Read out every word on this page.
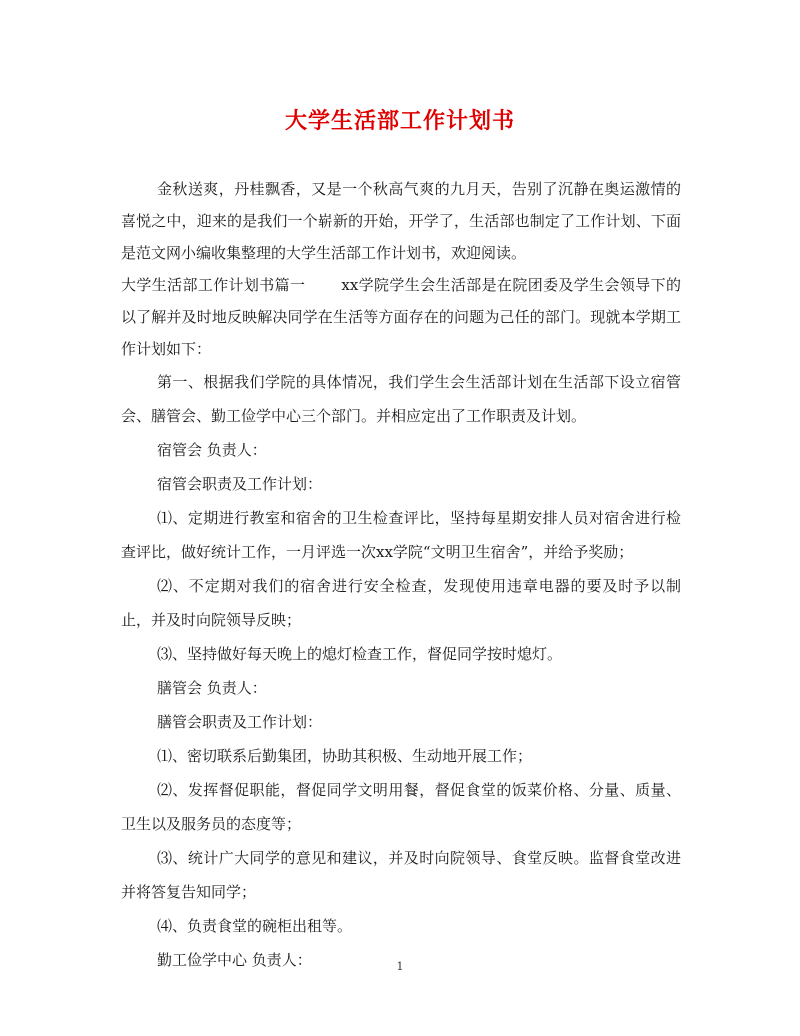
大学生活部工作计划书

金秋送爽，丹桂飘香，又是一个秋高气爽的九月天，告别了沉静在奥运激情的喜悦之中，迎来的是我们一个崭新的开始，开学了，生活部也制定了工作计划、下面是范文网小编收集整理的大学生活部工作计划书，欢迎阅读。

大学生活部工作计划书篇一 xx学院学生会生活部是在院团委及学生会领导下的以了解并及时地反映解决同学在生活等方面存在的问题为己任的部门。现就本学期工作计划如下：

第一、根据我们学院的具体情况，我们学生会生活部计划在生活部下设立宿管会、膳管会、勤工俭学中心三个部门。并相应定出了工作职责及计划。

宿管会 负责人：

宿管会职责及工作计划：

⑴、定期进行教室和宿舍的卫生检查评比，坚持每星期安排人员对宿舍进行检查评比，做好统计工作，一月评选一次xx学院“文明卫生宿舍”，并给予奖励；

⑵、不定期对我们的宿舍进行安全检查，发现使用违章电器的要及时予以制止，并及时向院领导反映；

⑶、坚持做好每天晚上的熄灯检查工作，督促同学按时熄灯。

膳管会 负责人：

膳管会职责及工作计划：

⑴、密切联系后勤集团，协助其积极、生动地开展工作；

⑵、发挥督促职能，督促同学文明用餐，督促食堂的饭菜价格、分量、质量、卫生以及服务员的态度等；

⑶、统计广大同学的意见和建议，并及时向院领导、食堂反映。监督食堂改进并将答复告知同学；

⑷、负责食堂的碗柜出租等。

勤工俭学中心 负责人：	1
